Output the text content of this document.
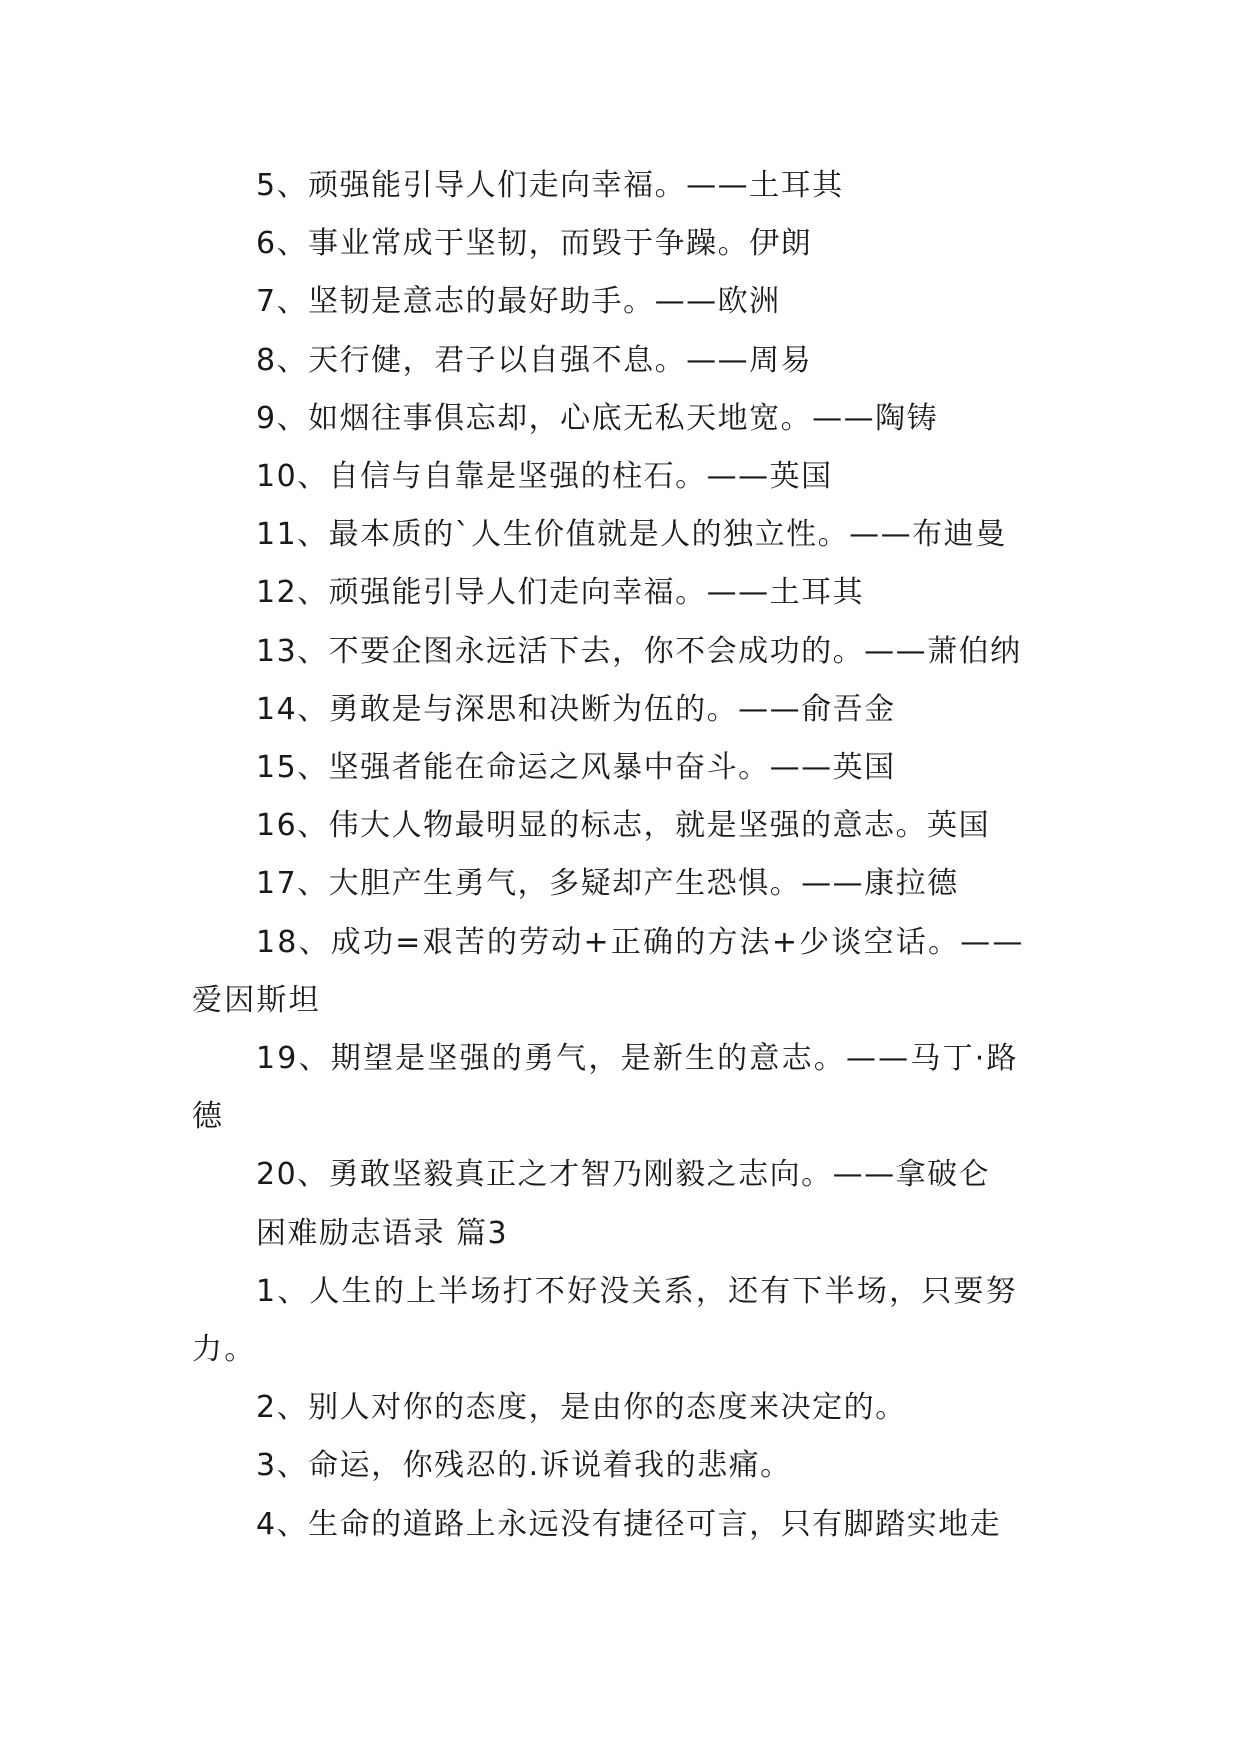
5、顽强能引导人们走向幸福。——土耳其

6、事业常成于坚韧，而毁于争躁。伊朗

7、坚韧是意志的最好助手。——欧洲

8、天行健，君子以自强不息。——周易

9、如烟往事俱忘却，心底无私天地宽。——陶铸

10、自信与自靠是坚强的柱石。——英国

11、最本质的`人生价值就是人的独立性。——布迪曼

12、顽强能引导人们走向幸福。——土耳其

13、不要企图永远活下去，你不会成功的。——萧伯纳

14、勇敢是与深思和决断为伍的。——俞吾金

15、坚强者能在命运之风暴中奋斗。——英国

16、伟大人物最明显的标志，就是坚强的意志。英国

17、大胆产生勇气，多疑却产生恐惧。——康拉德

18、成功=艰苦的劳动+正确的方法+少谈空话。——爱因斯坦

19、期望是坚强的勇气，是新生的意志。——马丁·路德

20、勇敢坚毅真正之才智乃刚毅之志向。——拿破仑

困难励志语录 篇3

1、人生的上半场打不好没关系，还有下半场，只要努力。

2、别人对你的态度，是由你的态度来决定的。

3、命运，你残忍的.诉说着我的悲痛。

4、生命的道路上永远没有捷径可言，只有脚踏实地走
